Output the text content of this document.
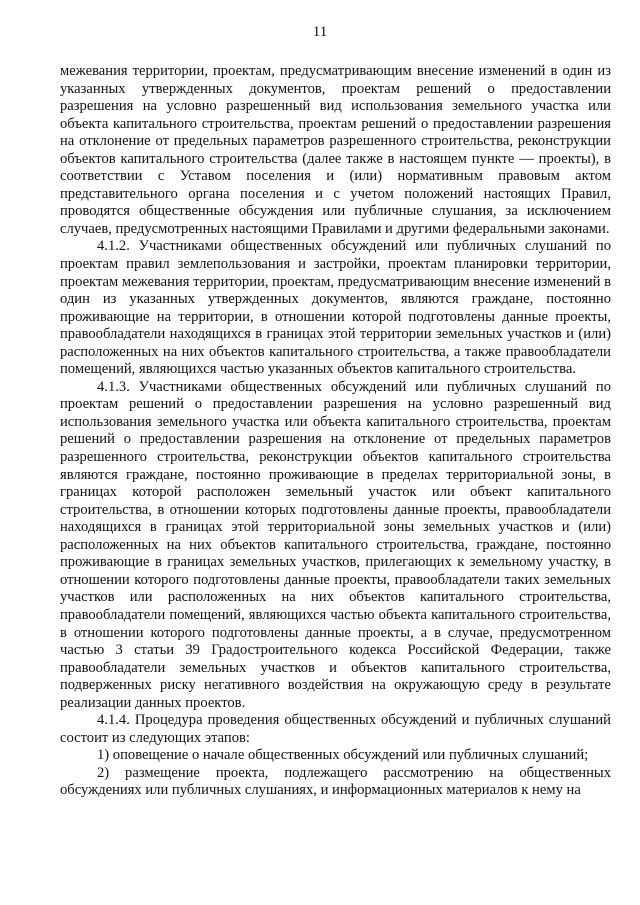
11

межевания территории, проектам, предусматривающим внесение изменений в один из указанных утвержденных документов, проектам решений о предоставлении разрешения на условно разрешенный вид использования земельного участка или объекта капитального строительства, проектам решений о предоставлении разрешения на отклонение от предельных параметров разрешенного строительства, реконструкции объектов капитального строительства (далее также в настоящем пункте — проекты), в соответствии с Уставом поселения и (или) нормативным правовым актом представительного органа поселения и с учетом положений настоящих Правил, проводятся общественные обсуждения или публичные слушания, за исключением случаев, предусмотренных настоящими Правилами и другими федеральными законами.

4.1.2. Участниками общественных обсуждений или публичных слушаний по проектам правил землепользования и застройки, проектам планировки территории, проектам межевания территории, проектам, предусматривающим внесение изменений в один из указанных утвержденных документов, являются граждане, постоянно проживающие на территории, в отношении которой подготовлены данные проекты, правообладатели находящихся в границах этой территории земельных участков и (или) расположенных на них объектов капитального строительства, а также правообладатели помещений, являющихся частью указанных объектов капитального строительства.

4.1.3. Участниками общественных обсуждений или публичных слушаний по проектам решений о предоставлении разрешения на условно разрешенный вид использования земельного участка или объекта капитального строительства, проектам решений о предоставлении разрешения на отклонение от предельных параметров разрешенного строительства, реконструкции объектов капитального строительства являются граждане, постоянно проживающие в пределах территориальной зоны, в границах которой расположен земельный участок или объект капитального строительства, в отношении которых подготовлены данные проекты, правообладатели находящихся в границах этой территориальной зоны земельных участков и (или) расположенных на них объектов капитального строительства, граждане, постоянно проживающие в границах земельных участков, прилегающих к земельному участку, в отношении которого подготовлены данные проекты, правообладатели таких земельных участков или расположенных на них объектов капитального строительства, правообладатели помещений, являющихся частью объекта капитального строительства, в отношении которого подготовлены данные проекты, а в случае, предусмотренном частью 3 статьи 39 Градостроительного кодекса Российской Федерации, также правообладатели земельных участков и объектов капитального строительства, подверженных риску негативного воздействия на окружающую среду в результате реализации данных проектов.

4.1.4. Процедура проведения общественных обсуждений и публичных слушаний состоит из следующих этапов:

1) оповещение о начале общественных обсуждений или публичных слушаний;

2) размещение проекта, подлежащего рассмотрению на общественных обсуждениях или публичных слушаниях, и информационных материалов к нему на
